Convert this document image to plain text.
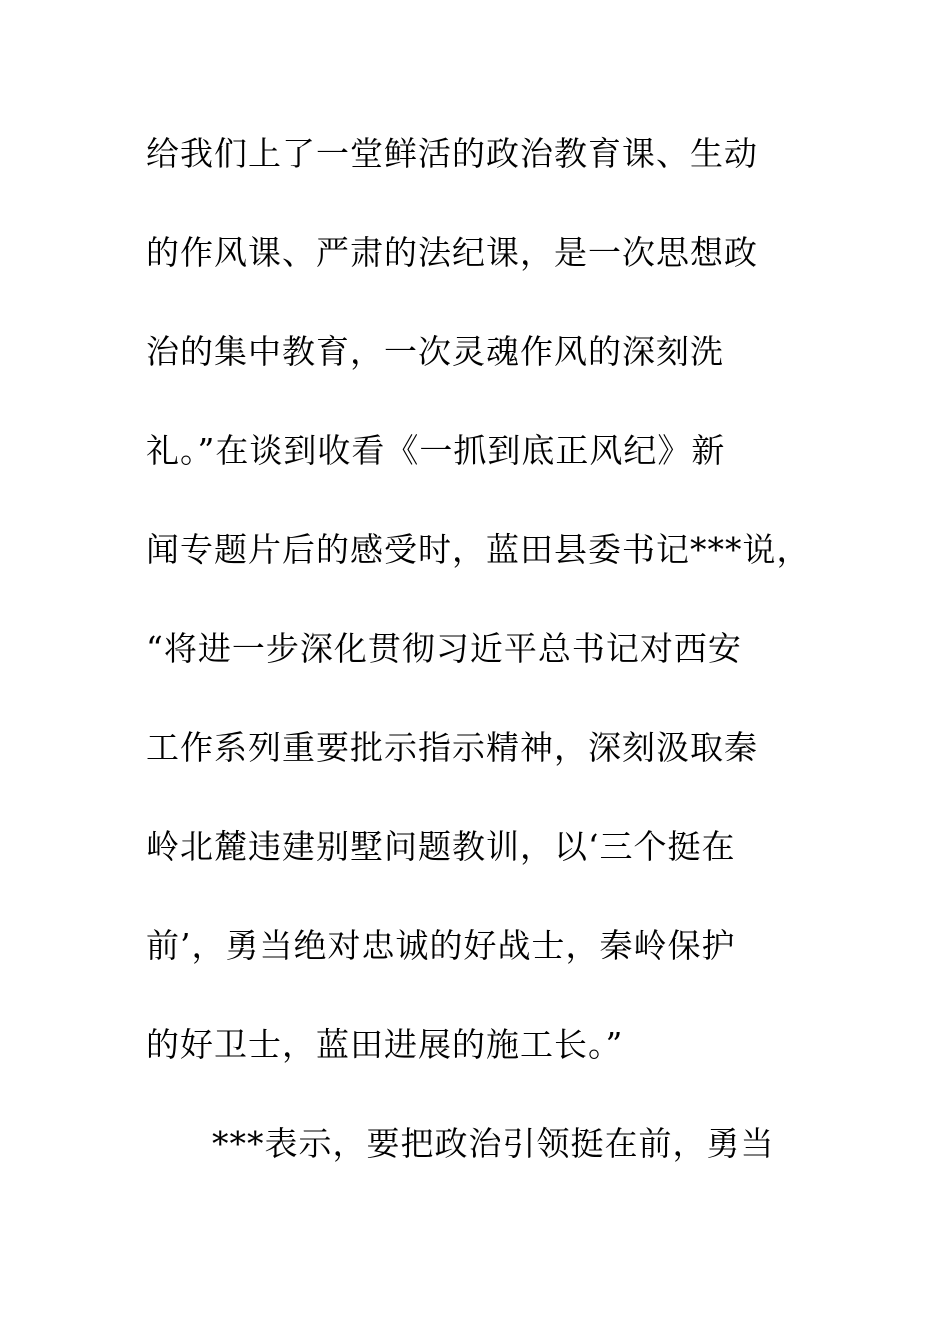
给我们上了一堂鲜活的政治教育课、生动
的作风课、严肃的法纪课，是一次思想政
治的集中教育，一次灵魂作风的深刻洗
礼。”在谈到收看《一抓到底正风纪》新
闻专题片后的感受时，蓝田县委书记***说，
“将进一步深化贯彻习近平总书记对西安
工作系列重要批示指示精神，深刻汲取秦
岭北麓违建别墅问题教训，以‘三个挺在
前’，勇当绝对忠诚的好战士，秦岭保护
的好卫士，蓝田进展的施工长。”
***表示，要把政治引领挺在前，勇当
